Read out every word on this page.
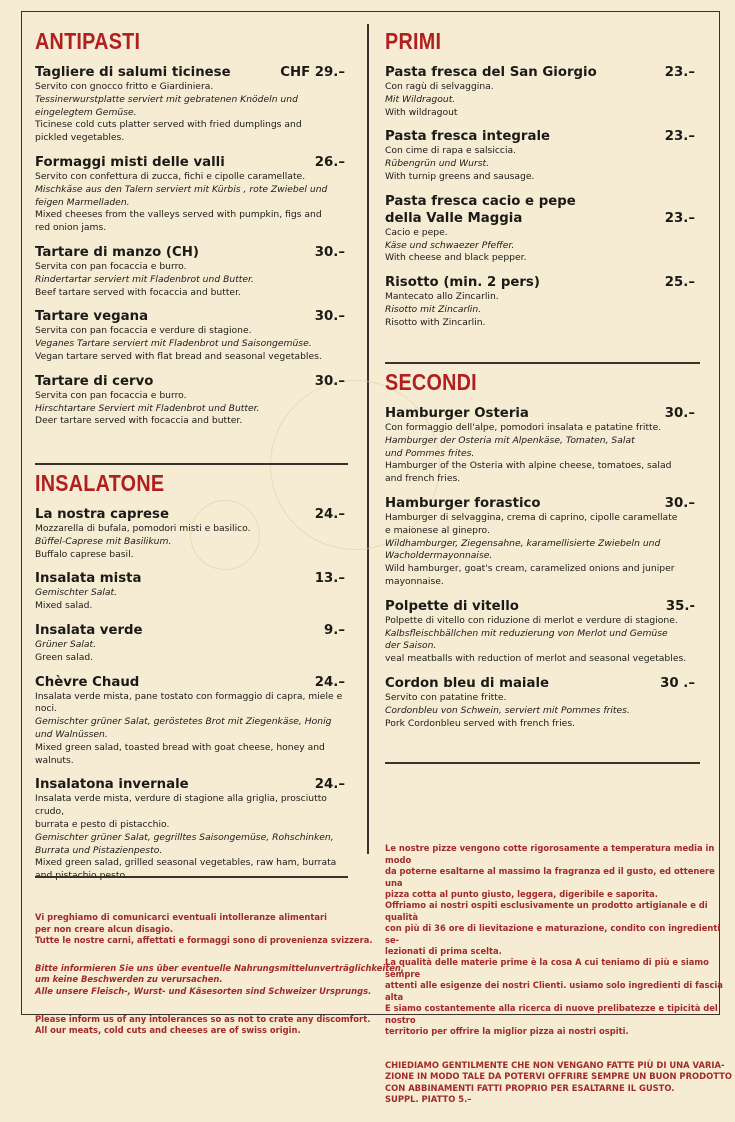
ANTIPASTI
Tagliere di salumi ticinese	CHF 29.–
Servito con gnocco fritto e Giardiniera.
Tessinerwurstplatte serviert mit gebratenen Knödeln und
eingelegtem Gemüse.
Ticinese cold cuts platter served with fried dumplings and
pickled vegetables.
Formaggi misti delle valli	26.–
Servito con confettura di zucca, fichi e cipolle caramellate.
Mischkäse aus den Talern serviert mit Kürbis , rote Zwiebel und
feigen Marmelladen.
Mixed cheeses from the valleys served with pumpkin, figs and
red onion jams.
Tartare di manzo (CH)	30.–
Servita con pan focaccia e burro.
Rindertartar serviert mit Fladenbrot und Butter.
Beef tartare served with focaccia and butter.
Tartare vegana	30.–
Servita con pan focaccia e verdure di stagione.
Veganes Tartare serviert mit Fladenbrot und Saisongemüse.
Vegan tartare served with flat bread and seasonal vegetables.
Tartare di cervo	30.–
Servita con pan focaccia e burro.
Hirschtartare Serviert mit Fladenbrot und Butter.
Deer tartare served with focaccia and butter.
INSALATONE
La nostra caprese	24.–
Mozzarella di bufala, pomodori misti e basilico.
Büffel-Caprese mit Basilikum.
Buffalo caprese basil.
Insalata mista	13.–
Gemischter Salat.
Mixed salad.
Insalata verde	9.–
Grüner Salat.
Green salad.
Chèvre Chaud	24.–
Insalata verde mista, pane tostato con formaggio di capra, miele e noci.
Gemischter grüner Salat, geröstetes Brot mit Ziegenkäse, Honig
und Walnüssen.
Mixed green salad, toasted bread with goat cheese, honey and walnuts.
Insalatona invernale	24.–
Insalata verde mista, verdure di stagione alla griglia, prosciutto crudo,
burrata e pesto di pistacchio.
Gemischter grüner Salat, gegrilltes Saisongemüse, Rohschinken,
Burrata und Pistazienpesto.
Mixed green salad, grilled seasonal vegetables, raw ham, burrata

PRIMI
Pasta fresca del San Giorgio	23.–
Con ragù di selvaggina.
Mit Wildragout.
With wildragout
Pasta fresca integrale	23.–
Con cime di rapa e salsiccia.
Rübengrün und Wurst.
With turnip greens and sausage.
Pasta fresca cacio e pepe
della Valle Maggia	23.–
Cacio e pepe.
Käse und schwaezer Pfeffer.
With cheese and black pepper.
Risotto (min. 2 pers)	25.–
Mantecato allo Zincarlin.
Risotto mit Zincarlin.
Risotto with Zincarlin.
SECONDI
Hamburger Osteria	30.–
Con formaggio dell'alpe, pomodori insalata e patatine fritte.
Hamburger der Osteria mit Alpenkäse, Tomaten, Salat
und Pommes frites.
Hamburger of the Osteria with alpine cheese, tomatoes, salad
and french fries.
Hamburger forastico	30.–
Hamburger di selvaggina, crema di caprino, cipolle caramellate
e maionese al ginepro.
Wildhamburger, Ziegensahne, karamellisierte Zwiebeln und
Wacholdermayonnaise.
Wild hamburger, goat's cream, caramelized onions and juniper
mayonnaise.
Polpette di vitello	35.-
Polpette di vitello con riduzione di merlot e verdure di stagione.
Kalbsfleischbällchen mit reduzierung von Merlot und Gemüse
der Saison.
veal meatballs with reduction of merlot and seasonal vegetables.
Cordon bleu di maiale	30 .–
Servito con patatine fritte.
Cordonbleu von Schwein, serviert mit Pommes frites.
Pork Cordonbleu served with french fries.

Vi preghiamo di comunicarci eventuali intolleranze alimentari
per non creare alcun disagio.
Tutte le nostre carni, affettati e formaggi sono di provenienza svizzera.

Bitte informieren Sie uns über eventuelle Nahrungsmittelunverträglichkeiten,
um keine Beschwerden zu verursachen.
Alle unsere Fleisch-, Wurst- und Käsesorten sind Schweizer Ursprungs.

Please inform us of any intolerances so as not to crate any discomfort.
All our meats, cold cuts and cheeses are of swiss origin.

Le nostre pizze vengono cotte rigorosamente a temperatura media in modo
da poterne esaltarne al massimo la fragranza ed il gusto, ed ottenere una
pizza cotta al punto giusto, leggera, digeribile e saporita.
Offriamo ai nostri ospiti esclusivamente un prodotto artigianale e di qualità
con più di 36 ore di lievitazione e maturazione, condito con ingredienti se-
lezionati di prima scelta.
La qualità delle materie prime è la cosa A cui teniamo di più e siamo sempre
attenti alle esigenze dei nostri Clienti. usiamo solo ingredienti di fascia alta
E siamo costantemente alla ricerca di nuove prelibatezze e tipicità del nostro
territorio per offrire la miglior pizza ai nostri ospiti.

CHIEDIAMO GENTILMENTE CHE NON VENGANO FATTE PIÙ DI UNA VARIA-
ZIONE IN MODO TALE DA POTERVI OFFRIRE SEMPRE UN BUON PRODOTTO
CON ABBINAMENTI FATTI PROPRIO PER ESALTARNE IL GUSTO.
SUPPL. PIATTO 5.–
